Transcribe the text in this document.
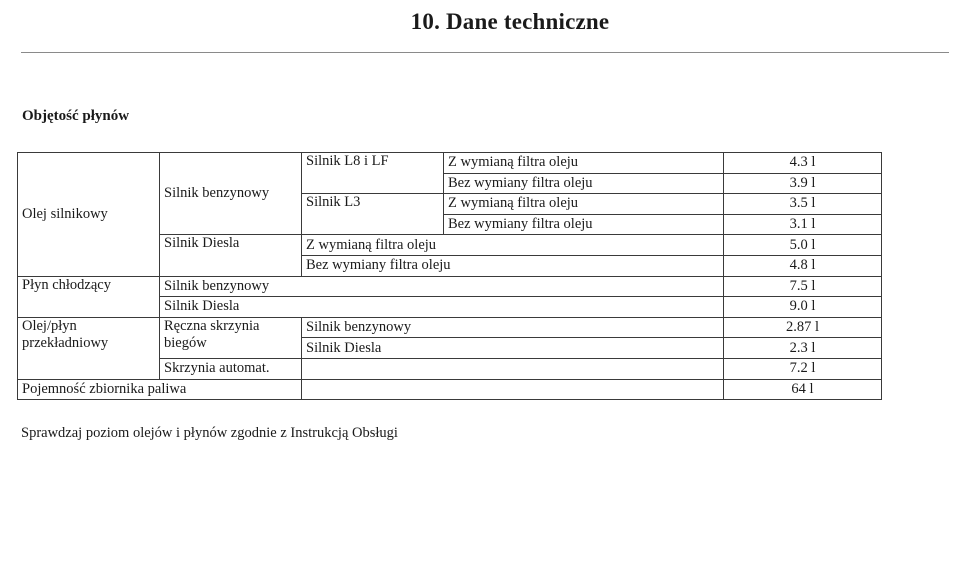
10. Dane techniczne
Objętość płynów
Olej silnikowy	Silnik benzynowy	Silnik L8 i LF	Z wymianą filtra oleju	4.3 l
			Bez wymiany filtra oleju	3.9 l
		Silnik L3	Z wymianą filtra oleju	3.5 l
			Bez wymiany filtra oleju	3.1 l
	Silnik Diesla	Z wymianą filtra oleju		5.0 l
		Bez wymiany filtra oleju		4.8 l
Płyn chłodzący	Silnik benzynowy			7.5 l
	Silnik Diesla			9.0 l
Olej/płyn przekładniowy	Ręczna skrzynia biegów	Silnik benzynowy		2.87 l
		Silnik Diesla		2.3 l
	Skrzynia automat.			7.2 l
Pojemność zbiornika paliwa				64 l
Sprawdzaj poziom olejów i płynów zgodnie z Instrukcją Obsługi
